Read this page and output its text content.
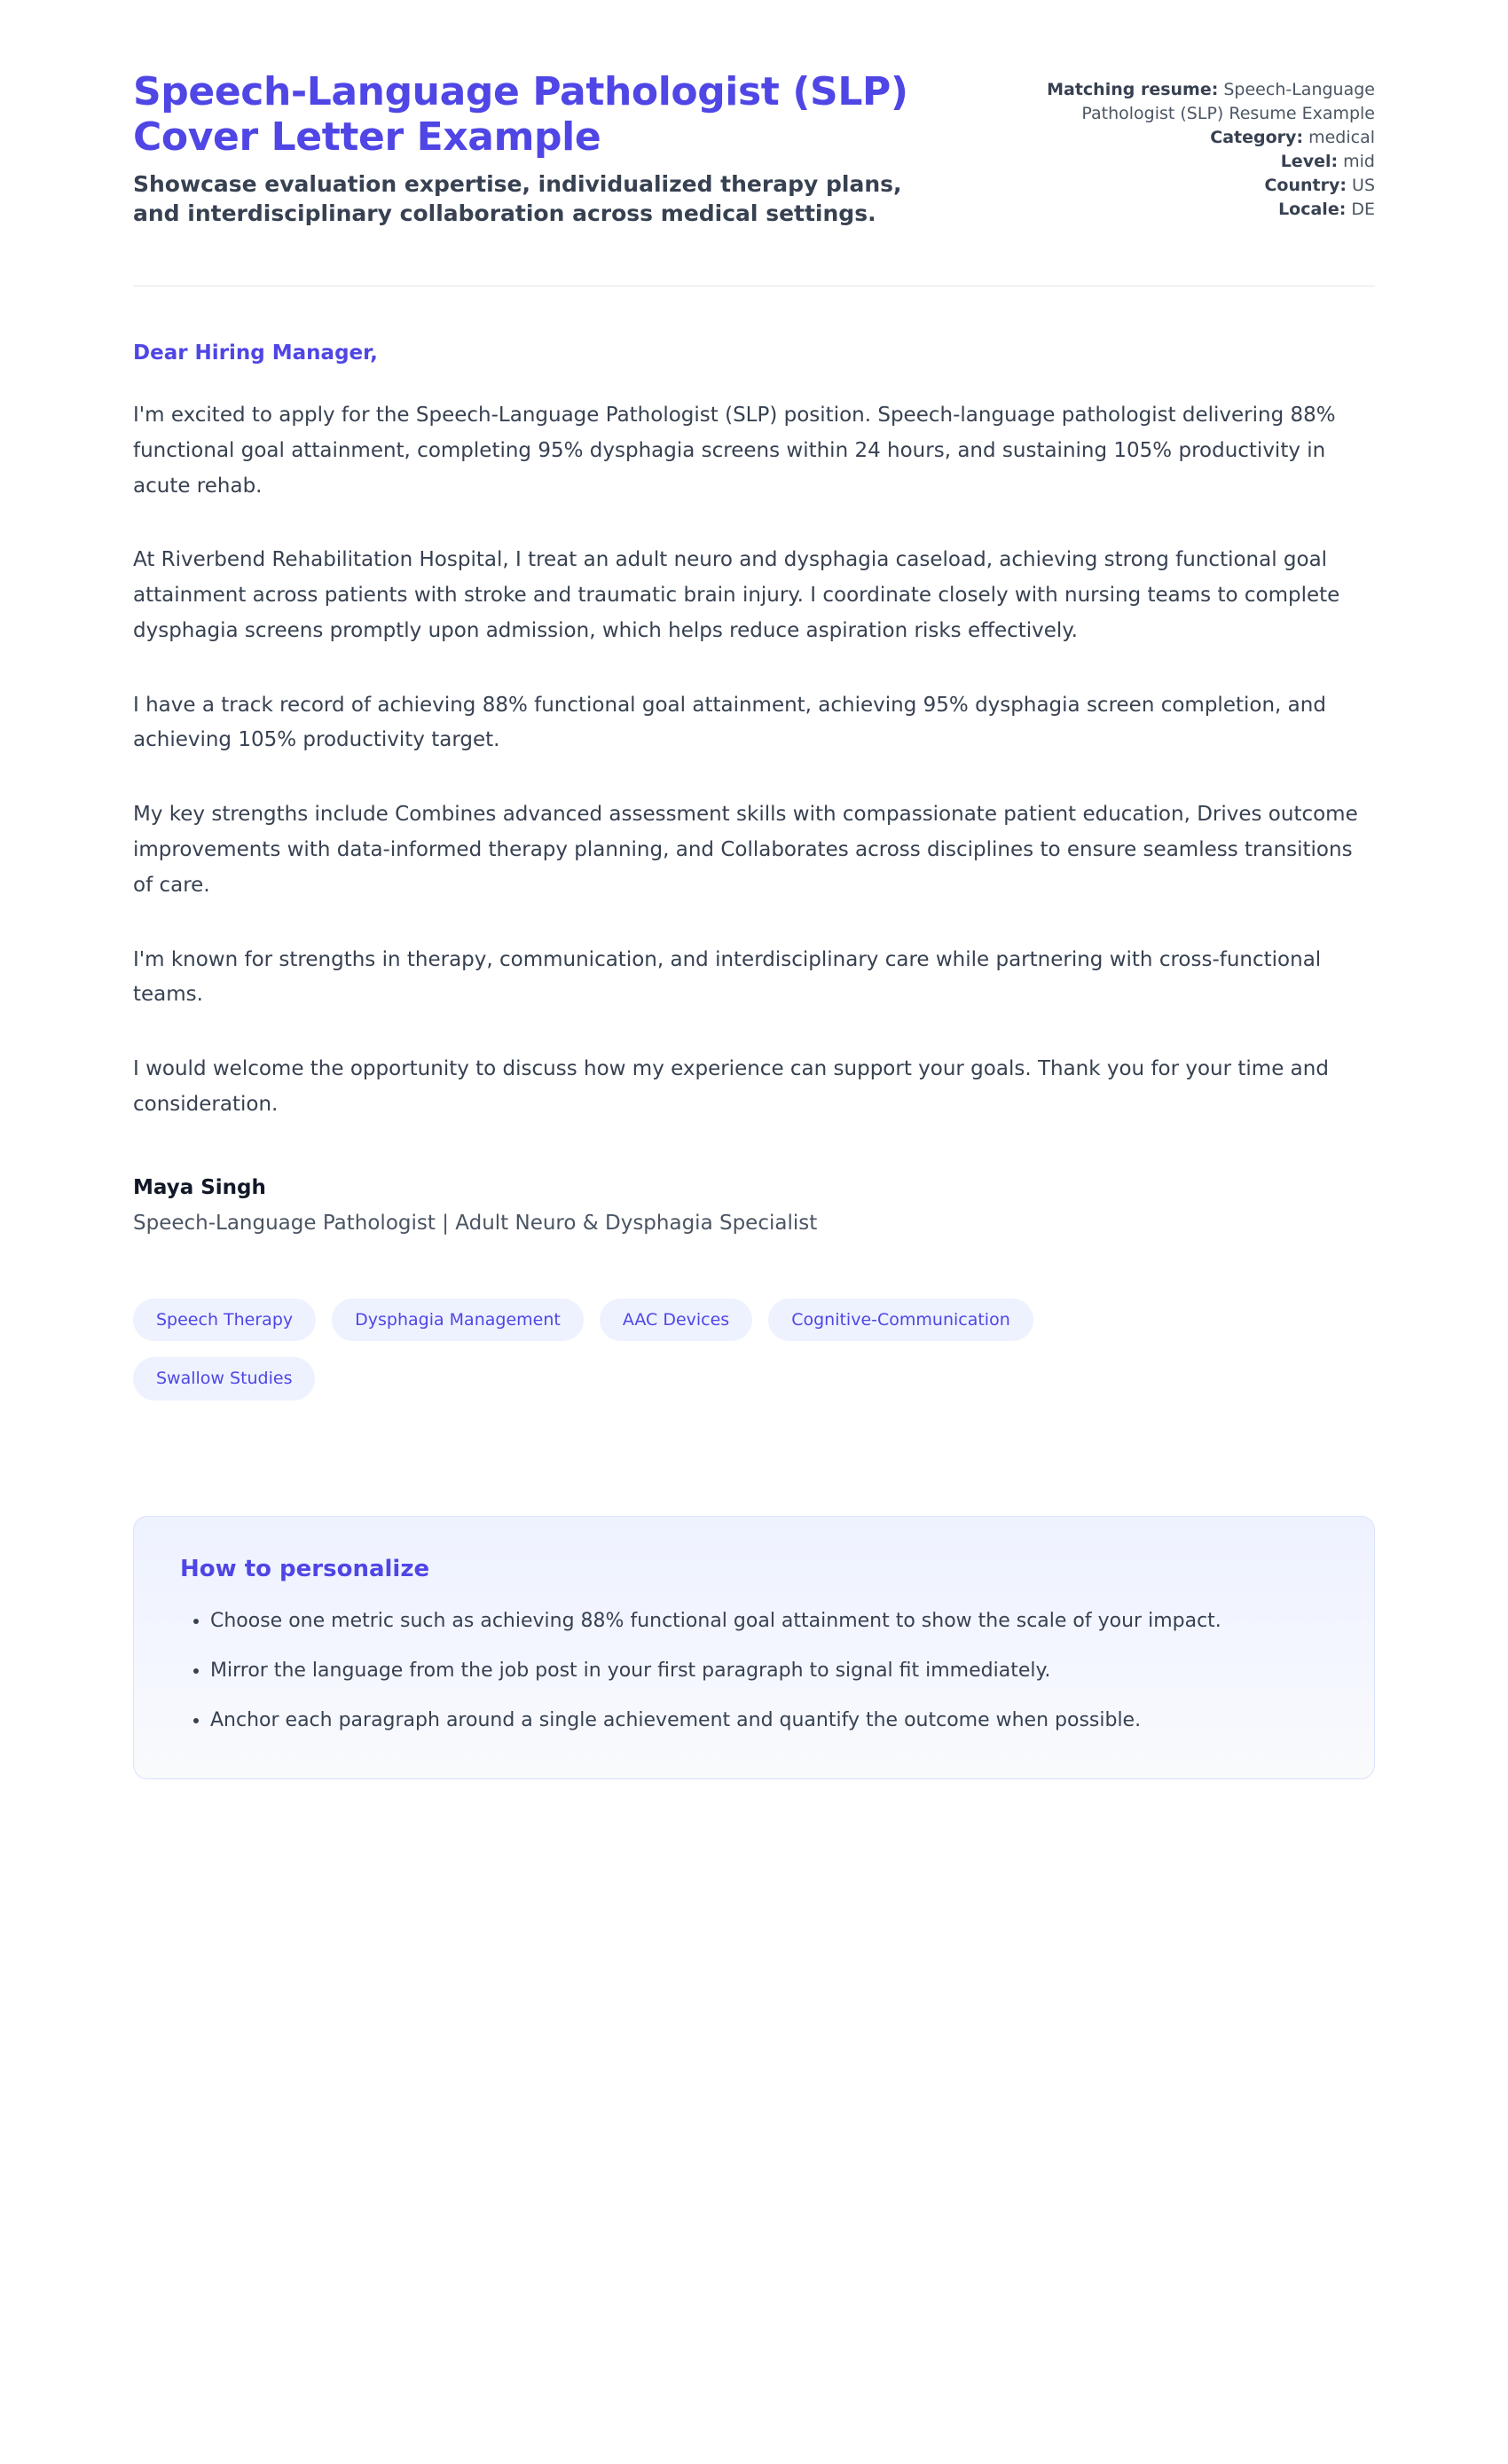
Speech-Language Pathologist (SLP) Cover Letter Example

Showcase evaluation expertise, individualized therapy plans, and interdisciplinary collaboration across medical settings.

Matching resume: Speech-Language Pathologist (SLP) Resume Example
Category: medical
Level: mid
Country: US
Locale: DE

Dear Hiring Manager,

I'm excited to apply for the Speech-Language Pathologist (SLP) position. Speech-language pathologist delivering 88% functional goal attainment, completing 95% dysphagia screens within 24 hours, and sustaining 105% productivity in acute rehab.

At Riverbend Rehabilitation Hospital, I treat an adult neuro and dysphagia caseload, achieving strong functional goal attainment across patients with stroke and traumatic brain injury. I coordinate closely with nursing teams to complete dysphagia screens promptly upon admission, which helps reduce aspiration risks effectively.

I have a track record of achieving 88% functional goal attainment, achieving 95% dysphagia screen completion, and achieving 105% productivity target.

My key strengths include Combines advanced assessment skills with compassionate patient education, Drives outcome improvements with data-informed therapy planning, and Collaborates across disciplines to ensure seamless transitions of care.

I'm known for strengths in therapy, communication, and interdisciplinary care while partnering with cross-functional teams.

I would welcome the opportunity to discuss how my experience can support your goals. Thank you for your time and consideration.

Maya Singh

Speech-Language Pathologist | Adult Neuro & Dysphagia Specialist

Speech Therapy	Dysphagia Management	AAC Devices	Cognitive-Communication
Swallow Studies
How to personalize
• Choose one metric such as achieving 88% functional goal attainment to show the scale of your impact.
• Mirror the language from the job post in your first paragraph to signal fit immediately.
• Anchor each paragraph around a single achievement and quantify the outcome when possible.
